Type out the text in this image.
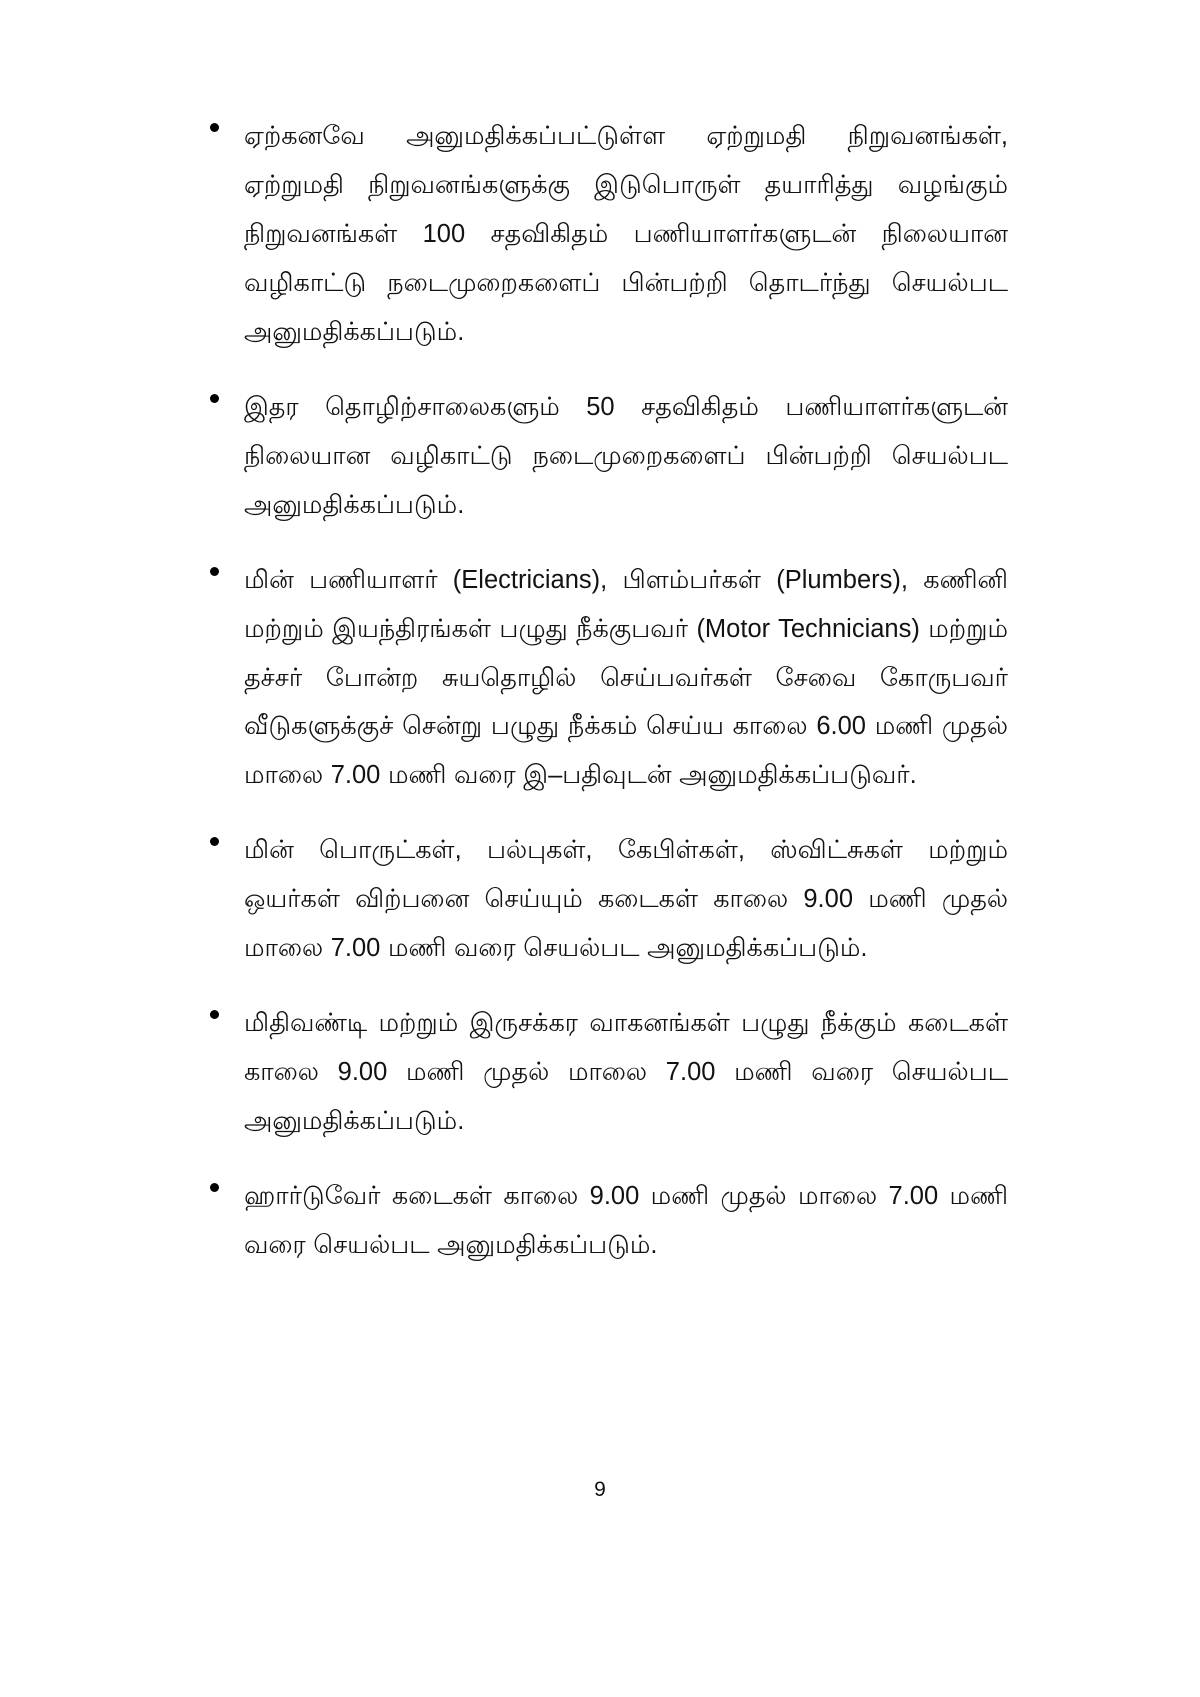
ஏற்கனவே அனுமதிக்கப்பட்டுள்ள ஏற்றுமதி நிறுவனங்கள், ஏற்றுமதி நிறுவனங்களுக்கு இடுபொருள் தயாரித்து வழங்கும் நிறுவனங்கள் 100 சதவிகிதம் பணியாளர்களுடன் நிலையான வழிகாட்டு நடைமுறைகளைப் பின்பற்றி தொடர்ந்து செயல்பட அனுமதிக்கப்படும்.

இதர தொழிற்சாலைகளும் 50 சதவிகிதம் பணியாளர்களுடன் நிலையான வழிகாட்டு நடைமுறைகளைப் பின்பற்றி செயல்பட அனுமதிக்கப்படும்.

மின் பணியாளர் (Electricians), பிளம்பர்கள் (Plumbers), கணினி மற்றும் இயந்திரங்கள் பழுது நீக்குபவர் (Motor Technicians) மற்றும் தச்சர் போன்ற சுயதொழில் செய்பவர்கள் சேவை கோருபவர் வீடுகளுக்குச் சென்று பழுது நீக்கம் செய்ய காலை 6.00 மணி முதல் மாலை 7.00 மணி வரை இ–பதிவுடன் அனுமதிக்கப்படுவர்.

மின் பொருட்கள், பல்புகள், கேபிள்கள், ஸ்விட்சுகள் மற்றும் ஒயர்கள் விற்பனை செய்யும் கடைகள் காலை 9.00 மணி முதல் மாலை 7.00 மணி வரை செயல்பட அனுமதிக்கப்படும்.

மிதிவண்டி மற்றும் இருசக்கர வாகனங்கள் பழுது நீக்கும் கடைகள் காலை 9.00 மணி முதல் மாலை 7.00 மணி வரை செயல்பட அனுமதிக்கப்படும்.

ஹார்டுவேர் கடைகள் காலை 9.00 மணி முதல் மாலை 7.00 மணி வரை செயல்பட அனுமதிக்கப்படும்.

9
